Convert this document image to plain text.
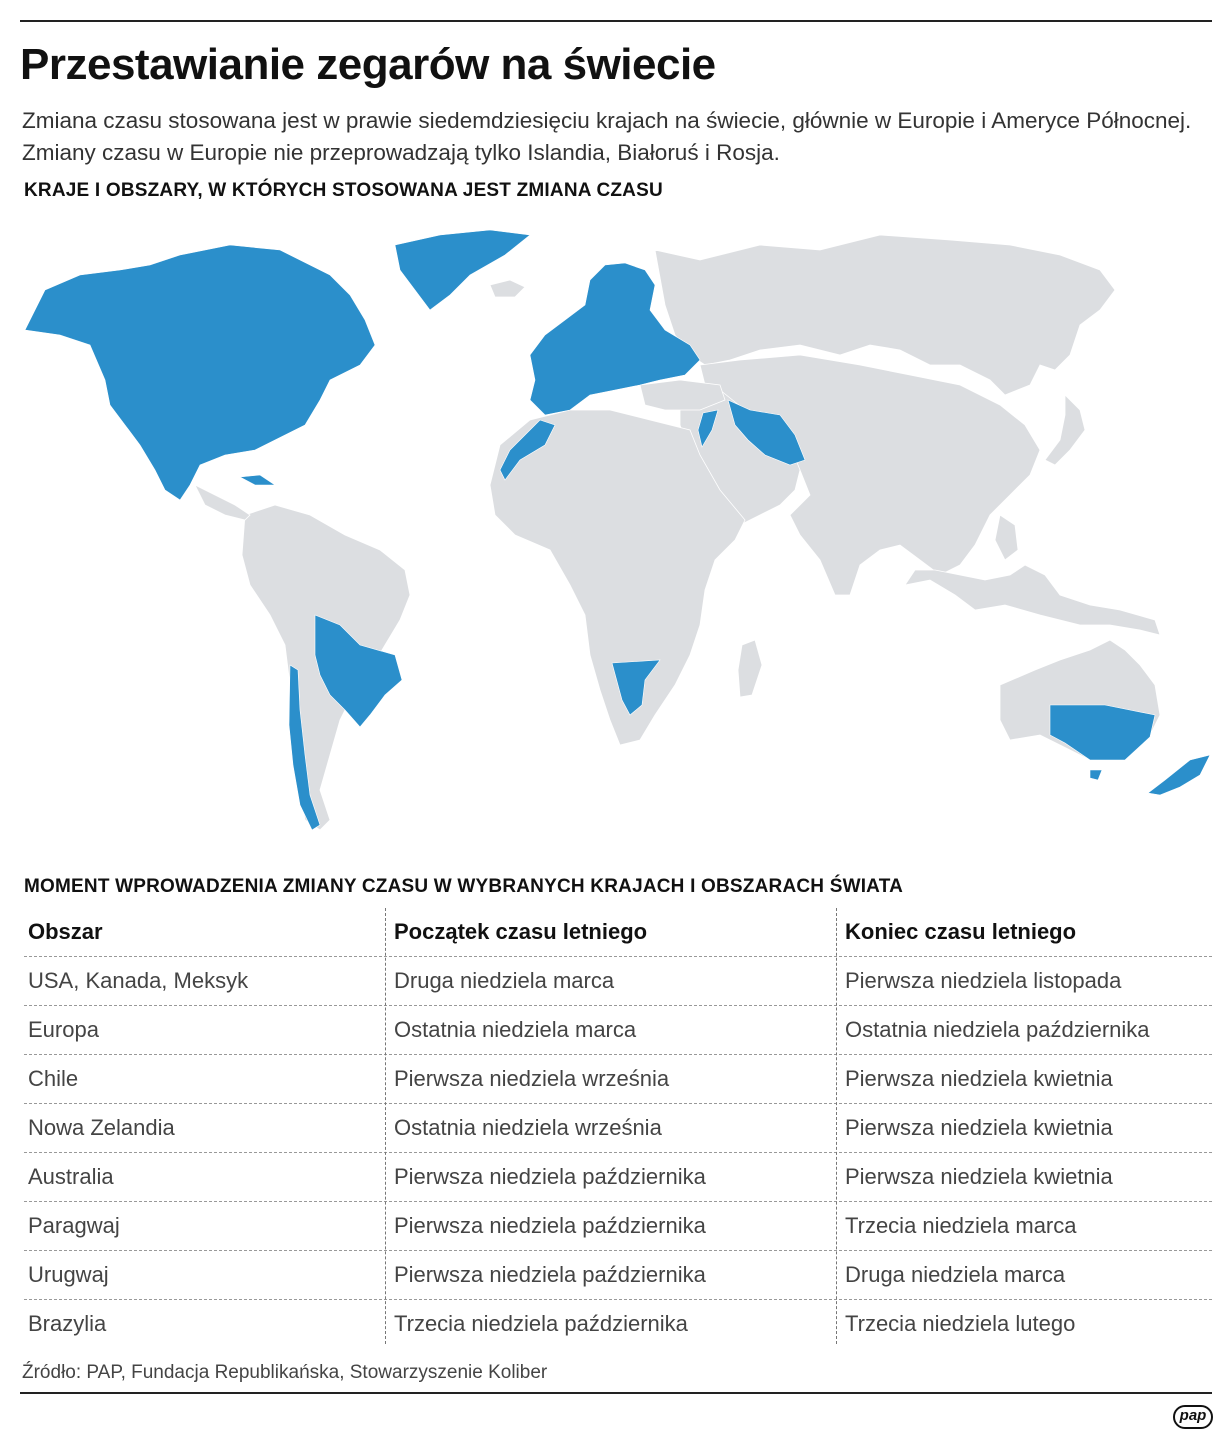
Przestawianie zegarów na świecie
Zmiana czasu stosowana jest w prawie siedemdziesięciu krajach na świecie, głównie w Europie i Ameryce Północnej. Zmiany czasu w Europie nie przeprowadzają tylko Islandia, Białoruś i Rosja.
KRAJE I OBSZARY, W KTÓRYCH STOSOWANA JEST ZMIANA CZASU
MOMENT WPROWADZENIA ZMIANY CZASU W WYBRANYCH KRAJACH I OBSZARACH ŚWIATA
Obszar	Początek czasu letniego	Koniec czasu letniego
USA, Kanada, Meksyk	Druga niedziela marca	Pierwsza niedziela listopada
Europa	Ostatnia niedziela marca	Ostatnia niedziela października
Chile	Pierwsza niedziela września	Pierwsza niedziela kwietnia
Nowa Zelandia	Ostatnia niedziela września	Pierwsza niedziela kwietnia
Australia	Pierwsza niedziela października	Pierwsza niedziela kwietnia
Paragwaj	Pierwsza niedziela października	Trzecia niedziela marca
Urugwaj	Pierwsza niedziela października	Druga niedziela marca
Brazylia	Trzecia niedziela października	Trzecia niedziela lutego
Źródło: PAP, Fundacja Republikańska, Stowarzyszenie Koliber
pap
